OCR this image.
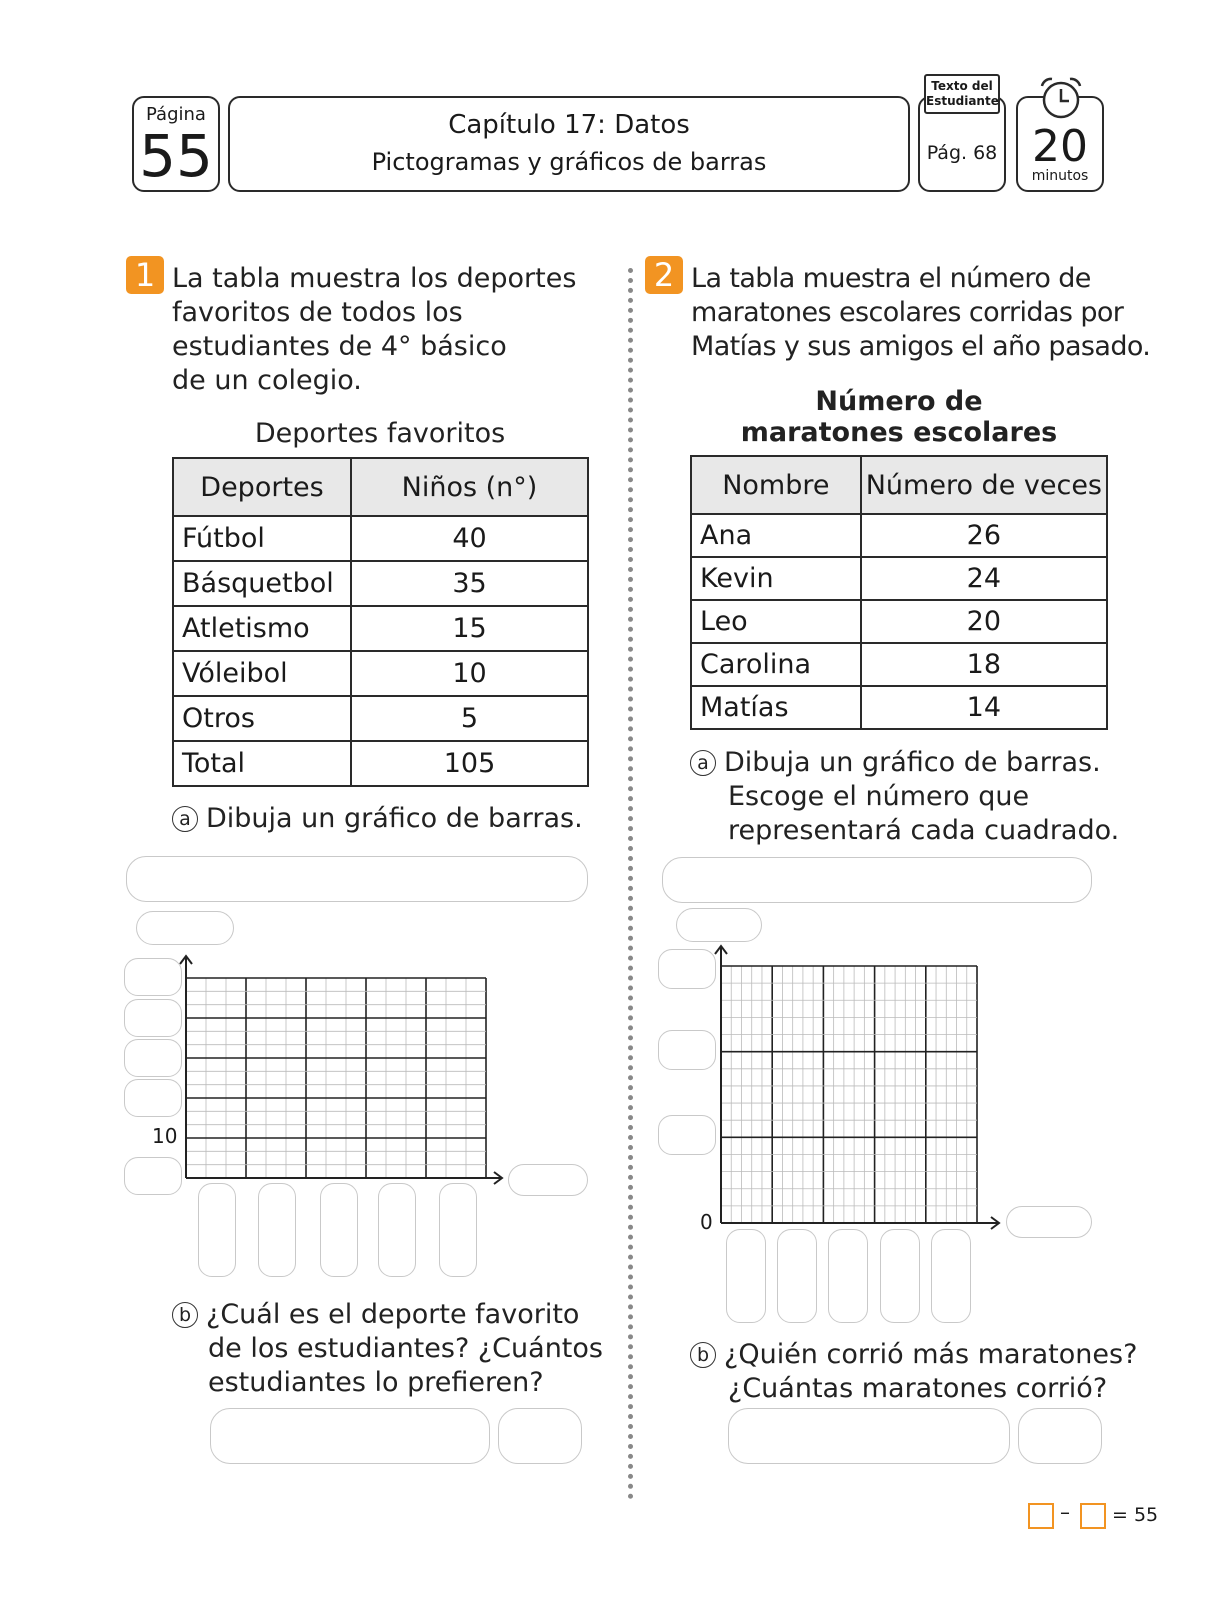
Página
55	Capítulo 17: Datos
Pictogramas y gráficos de barras	Pág. 68
Texto del
Estudiante
20
minutos
1 La tabla muestra los deportes
favoritos de todos los
estudiantes de 4° básico
de un colegio.
Deportes favoritos
Deportes	Niños (n°)
Fútbol	40
Básquetbol	35
Atletismo	15
Vóleibol	10
Otros	5
Total	105
a Dibuja un gráfico de barras.
10
b ¿Cuál es el deporte favorito
de los estudiantes? ¿Cuántos
estudiantes lo prefieren?
2 La tabla muestra el número de
maratones escolares corridas por
Matías y sus amigos el año pasado.
Número de
maratones escolares
Nombre	Número de veces
Ana	26
Kevin	24
Leo	20
Carolina	18
Matías	14
a Dibuja un gráfico de barras.
Escoge el número que
representará cada cuadrado.
0
b ¿Quién corrió más maratones?
¿Cuántas maratones corrió?
– = 55
